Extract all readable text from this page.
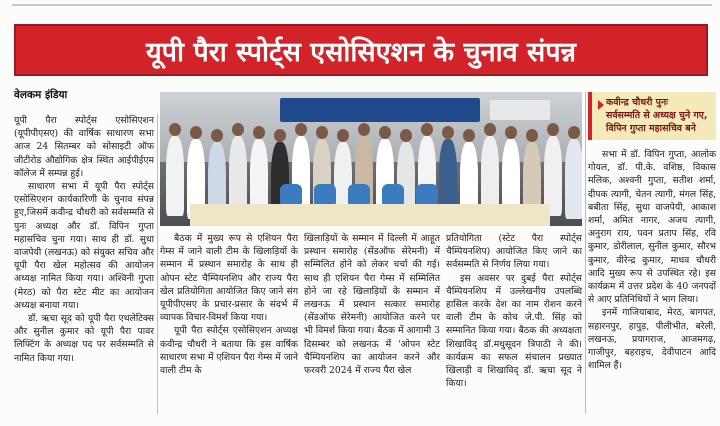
यूपी पैरा स्पोर्ट्स एसोसिएशन के चुनाव संपन्न
वेलकम इंडिया
कवीन्द्र चौधरी पुनः
सर्वसम्मति से अध्यक्ष चुने गए,
विपिन गुप्ता महासचिव बने

यूपी पैरा स्पोर्ट्स एसोसिएशन (यूपीपीएसए) की वार्षिक साधारण सभा आज 24 सितम्बर को सोसाइटी ऑफ जीटीरोड औद्योगिक क्षेत्र स्थित आईपीईएम कॉलेज में सम्पन्न हुई।

साधारण सभा में यूपी पैरा स्पोर्ट्स एसोसिएशन कार्यकारिणी के चुनाव संपन्न हुए,जिसमें कवीन्द्र चौधरी को सर्वसम्मति से पुनः अध्यक्ष और डॉ. विपिन गुप्ता महासचिव चुना गया। साथ ही डॉ. सुधा वाजपेयी (लखनऊ) को संयुक्त सचिव और यूपी पैरा खेल महोत्सव की आयोजन अध्यक्ष नामित किया गया। अश्विनी गुप्ता (मेरठ) को पैरा स्टेट मीट का आयोजन अध्यक्ष बनाया गया।

डॉ. ऋचा सूद को यूपी पैरा एथलेटिक्स और सुनील कुमार को यूपी पैरा पावर लिफ्टिंग के अध्यक्ष पद पर सर्वसम्मति से नामित किया गया।

बैठक में मुख्य रूप से एशियन पैरा गेम्स में जाने वाली टीम के खिलाड़ियों के सम्मान में प्रस्थान समारोह के साथ ही ओपन स्टेट चैम्पियनशिप और राज्य पैरा खेल प्रतियोगिता आयोजित किए जाने संग यूपीपीएसए के प्रचार-प्रसार के संदर्भ में व्यापक विचार-विमर्श किया गया।

यूपी पैरा स्पोर्ट्स एसोसिएशन अध्यक्ष कवीन्द्र चौधरी ने बताया कि इस वार्षिक साधारण सभा में एशियन पैरा गेम्स में जाने वाली टीम के

खिलाड़ियों के सम्मान में दिल्ली में आहूत प्रस्थान समारोह (सेंडऑफ सेरेमनी) में सम्मिलित होने को लेकर चर्चा की गई। साथ ही एशियन पैरा गेम्स में सम्मिलित होने जा रहे खिलाड़ियों के सम्मान में लखनऊ में प्रस्थान सत्कार समारोह (सेंडऑफ सेरेमनी) आयोजित करने पर भी विमर्श किया गया। बैठक में आगामी 3 दिसम्बर को लखनऊ में 'ओपन स्टेट चैम्पियनशिप का आयोजन करने और फरवरी 2024 में राज्य पैरा खेल

प्रतियोगिता (स्टेट पैरा स्पोर्ट्स चैम्पियनशिप) आयोजित किए जाने का सर्वसम्मति से निर्णय लिया गया।

इस अवसर पर दुबई पैरा स्पोर्ट्स चैम्पियनशिप में उल्लेखनीय उपलब्धि हासिल करके देश का नाम रोशन करने वाली टीम के कोच जे.पी. सिंह को सम्मानित किया गया। बैठक की अध्यक्षता शिखाविद् डॉ.मधुसूदन त्रिपाठी ने की। कार्यक्रम का सफल संचालन प्रख्यात खिलाड़ी व शिखाविद् डॉ. ऋचा सूद ने किया।

सभा में डॉ. विपिन गुप्ता, आलोक गोयल, डॉ. पी.के. वशिष्ठ, विकास मलिक, अश्वनी गुप्ता, सतीश शर्मा, दीपक त्यागी, चेतन त्यागी, मंगल सिंह, बबीता सिंह, सुधा वाजपेयी, आकाश शर्मा, अमित नागर, अजय त्यागी, अनुराग राय, पवन प्रताप सिंह, रवि कुमार, डोरीलाल, सुनील कुमार, सौरभ कुमार, वीरेन्द्र कुमार, माधव चौधरी आदि मुख्य रूप से उपस्थित रहे। इस कार्यक्रम में उत्तर प्रदेश के 40 जनपदों से आए प्रतिनिधियों ने भाग लिया।

इनमें गाजियाबाद, मेरठ, बागपत, सहारनपुर, हापुड़, पीलीभीत, बरेली, लखनऊ, प्रयागराज, आजमगढ़, गाजीपुर, बहराइच, देवीपाटन आदि शामिल हैं।
